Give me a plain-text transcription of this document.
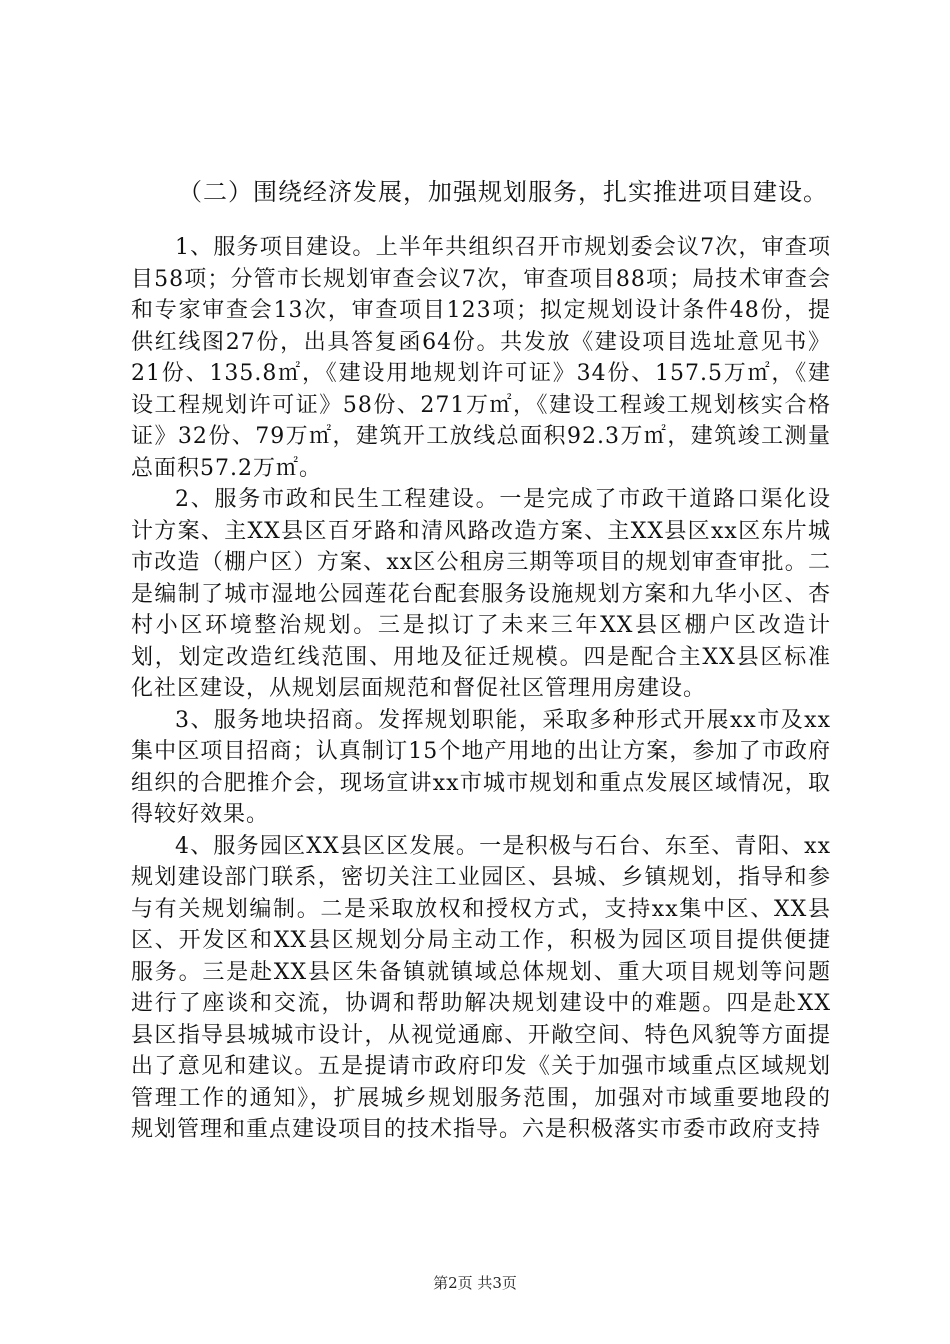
（二）围绕经济发展，加强规划服务，扎实推进项目建设。

1、服务项目建设。上半年共组织召开市规划委会议7次，审查项目58项；分管市长规划审查会议7次，审查项目88项；局技术审查会和专家审查会13次，审查项目123项；拟定规划设计条件48份，提供红线图27份，出具答复函64份。共发放《建设项目选址意见书》21份、135.8㎡，《建设用地规划许可证》34份、157.5万㎡，《建设工程规划许可证》58份、271万㎡，《建设工程竣工规划核实合格证》32份、79万㎡，建筑开工放线总面积92.3万㎡，建筑竣工测量总面积57.2万㎡。

2、服务市政和民生工程建设。一是完成了市政干道路口渠化设计方案、主XX县区百牙路和清风路改造方案、主XX县区xx区东片城市改造（棚户区）方案、xx区公租房三期等项目的规划审查审批。二是编制了城市湿地公园莲花台配套服务设施规划方案和九华小区、杏村小区环境整治规划。三是拟订了未来三年XX县区棚户区改造计划，划定改造红线范围、用地及征迁规模。四是配合主XX县区标准化社区建设，从规划层面规范和督促社区管理用房建设。

3、服务地块招商。发挥规划职能，采取多种形式开展xx市及xx集中区项目招商；认真制订15个地产用地的出让方案，参加了市政府组织的合肥推介会，现场宣讲xx市城市规划和重点发展区域情况，取得较好效果。

4、服务园区XX县区区发展。一是积极与石台、东至、青阳、xx规划建设部门联系，密切关注工业园区、县城、乡镇规划，指导和参与有关规划编制。二是采取放权和授权方式，支持xx集中区、XX县区、开发区和XX县区规划分局主动工作，积极为园区项目提供便捷服务。三是赴XX县区朱备镇就镇域总体规划、重大项目规划等问题进行了座谈和交流，协调和帮助解决规划建设中的难题。四是赴XX县区指导县城城市设计，从视觉通廊、开敞空间、特色风貌等方面提出了意见和建议。五是提请市政府印发《关于加强市域重点区域规划管理工作的通知》，扩展城乡规划服务范围，加强对市域重要地段的规划管理和重点建设项目的技术指导。六是积极落实市委市政府支持

第2页 共3页
